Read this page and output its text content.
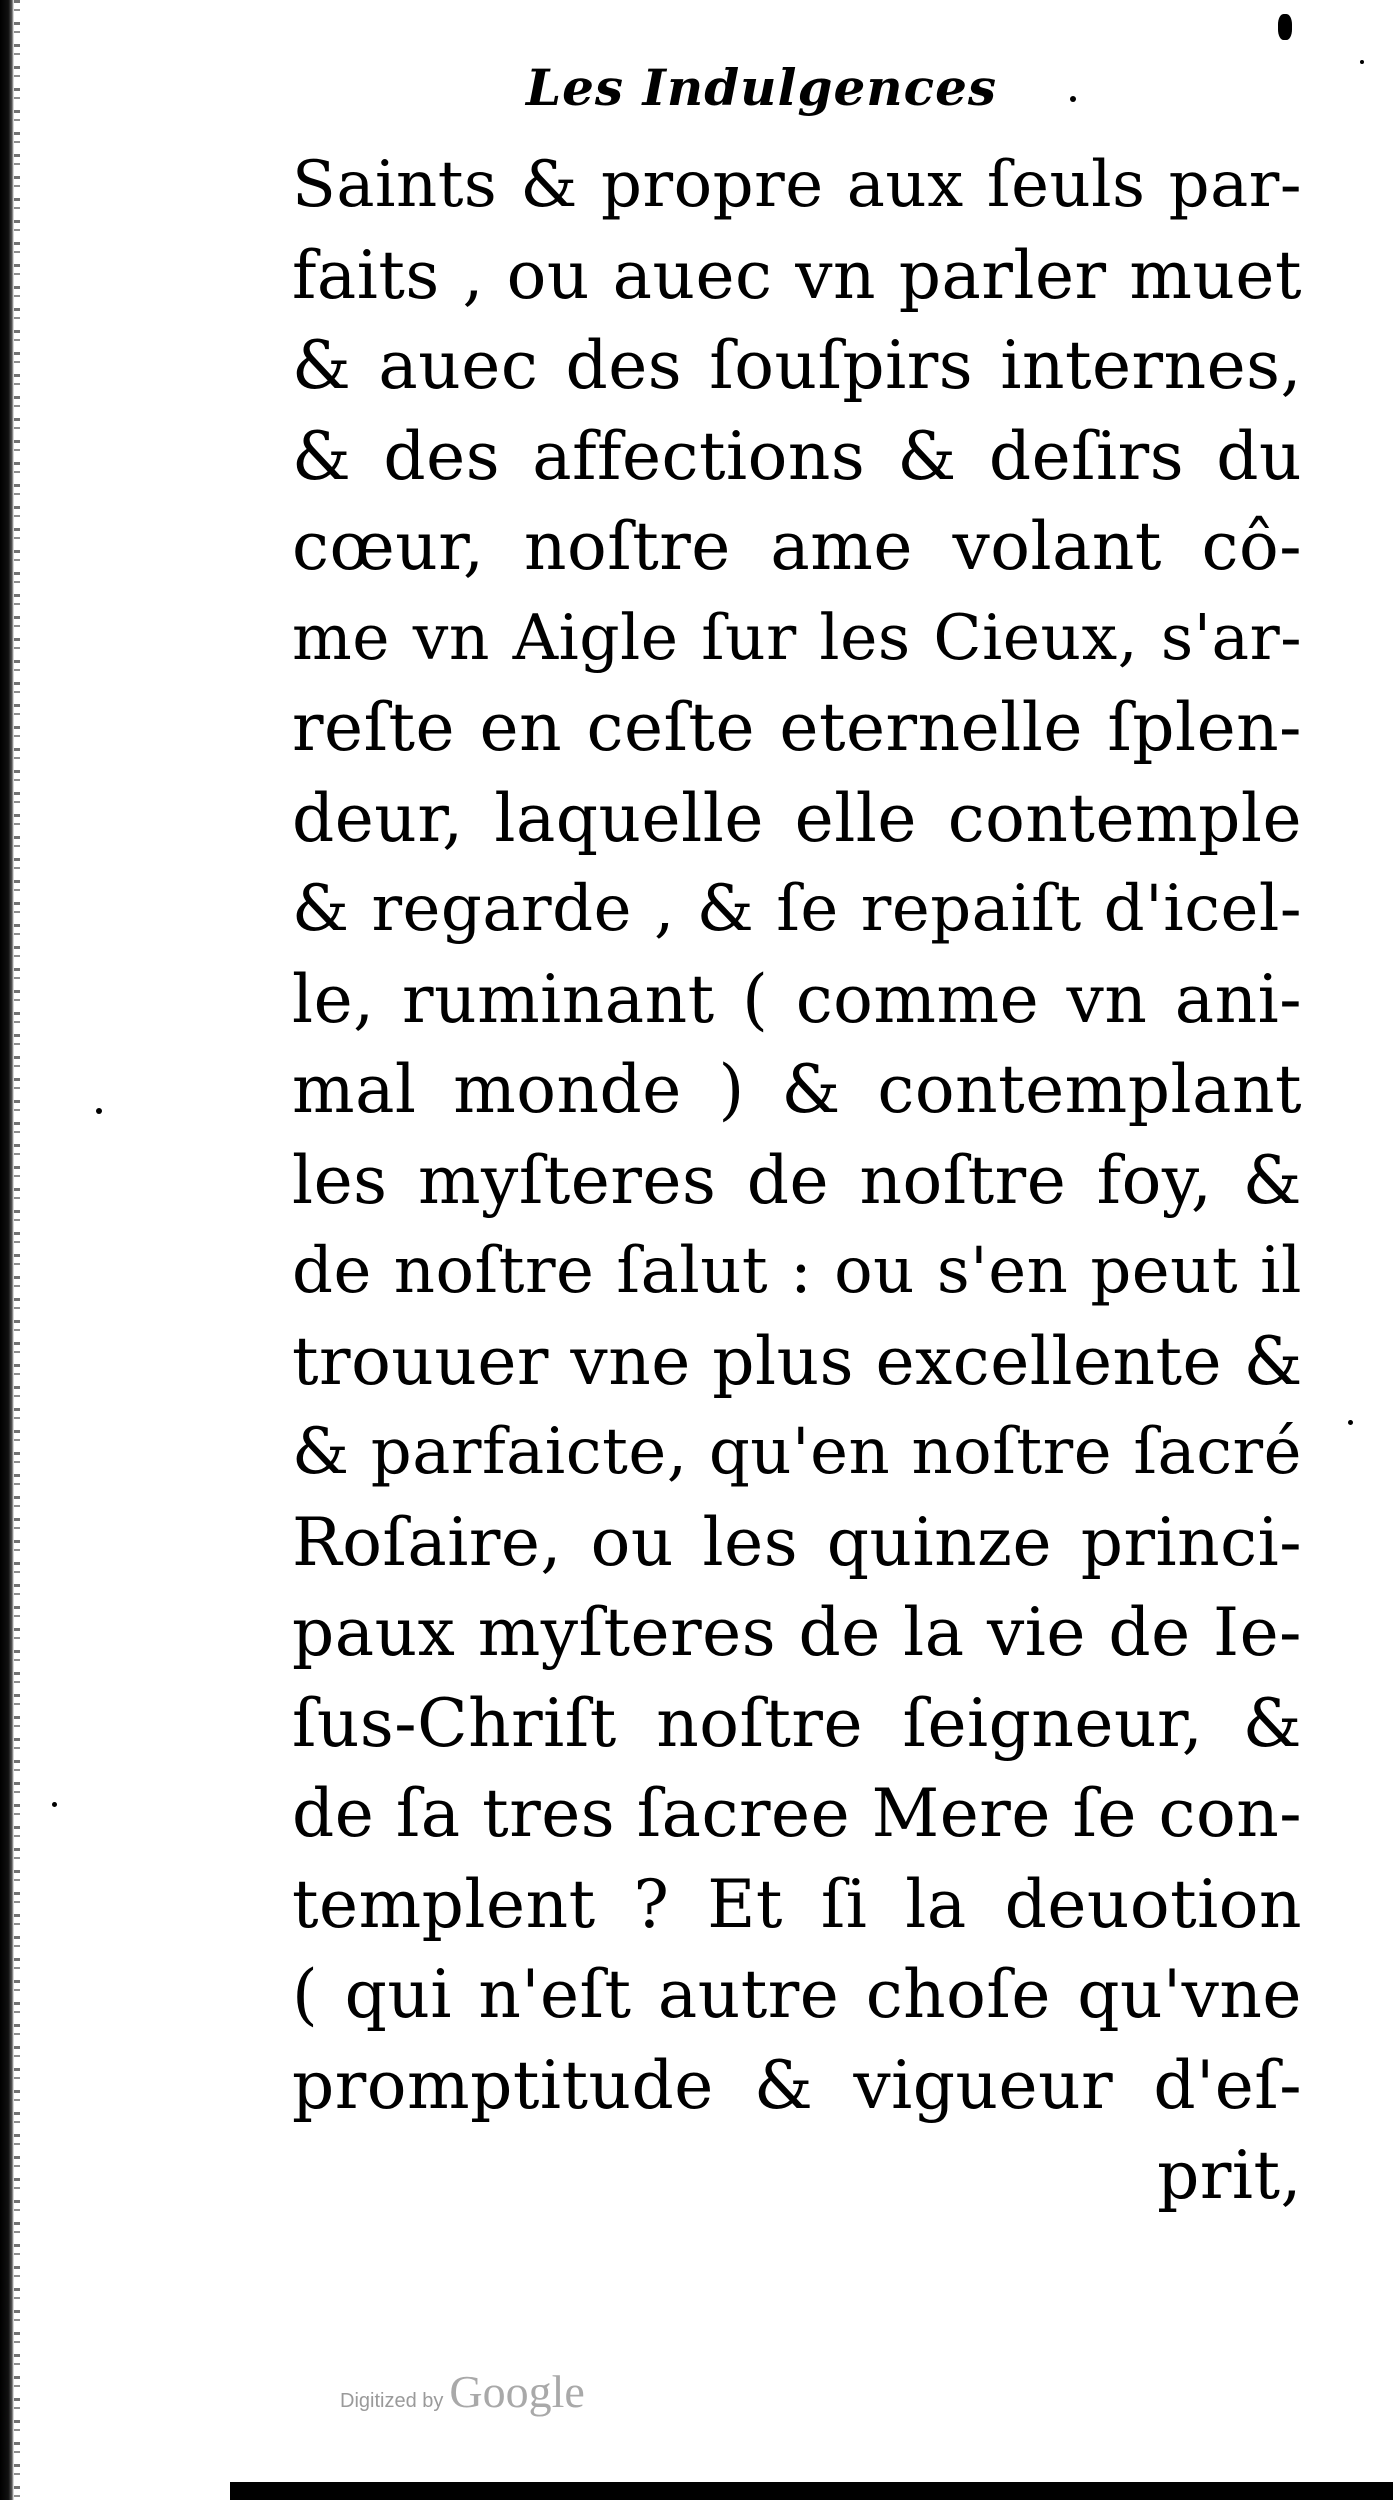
Les Indulgences
Saints & propre aux ſeuls par-
faits , ou auec vn parler muet
& auec des ſouſpirs internes,
& des affections & deſirs du
cœur, noſtre ame volant cô-
me vn Aigle ſur les Cieux, s'ar-
reſte en ceſte eternelle ſplen-
deur, laquelle elle contemple
& regarde , & ſe repaiſt d'icel-
le, ruminant ( comme vn ani-
mal monde ) & contemplant
les myſteres de noſtre foy, &
de noſtre ſalut : ou s'en peut il
trouuer vne plus excellente &
& parfaicte, qu'en noſtre ſacré
Roſaire, ou les quinze princi-
paux myſteres de la vie de Ie-
ſus-Chriſt noſtre ſeigneur, &
de ſa tres ſacree Mere ſe con-
templent ? Et ſi la deuotion
( qui n'eſt autre choſe qu'vne
promptitude & vigueur d'eſ-
prit,
Digitized by Google
